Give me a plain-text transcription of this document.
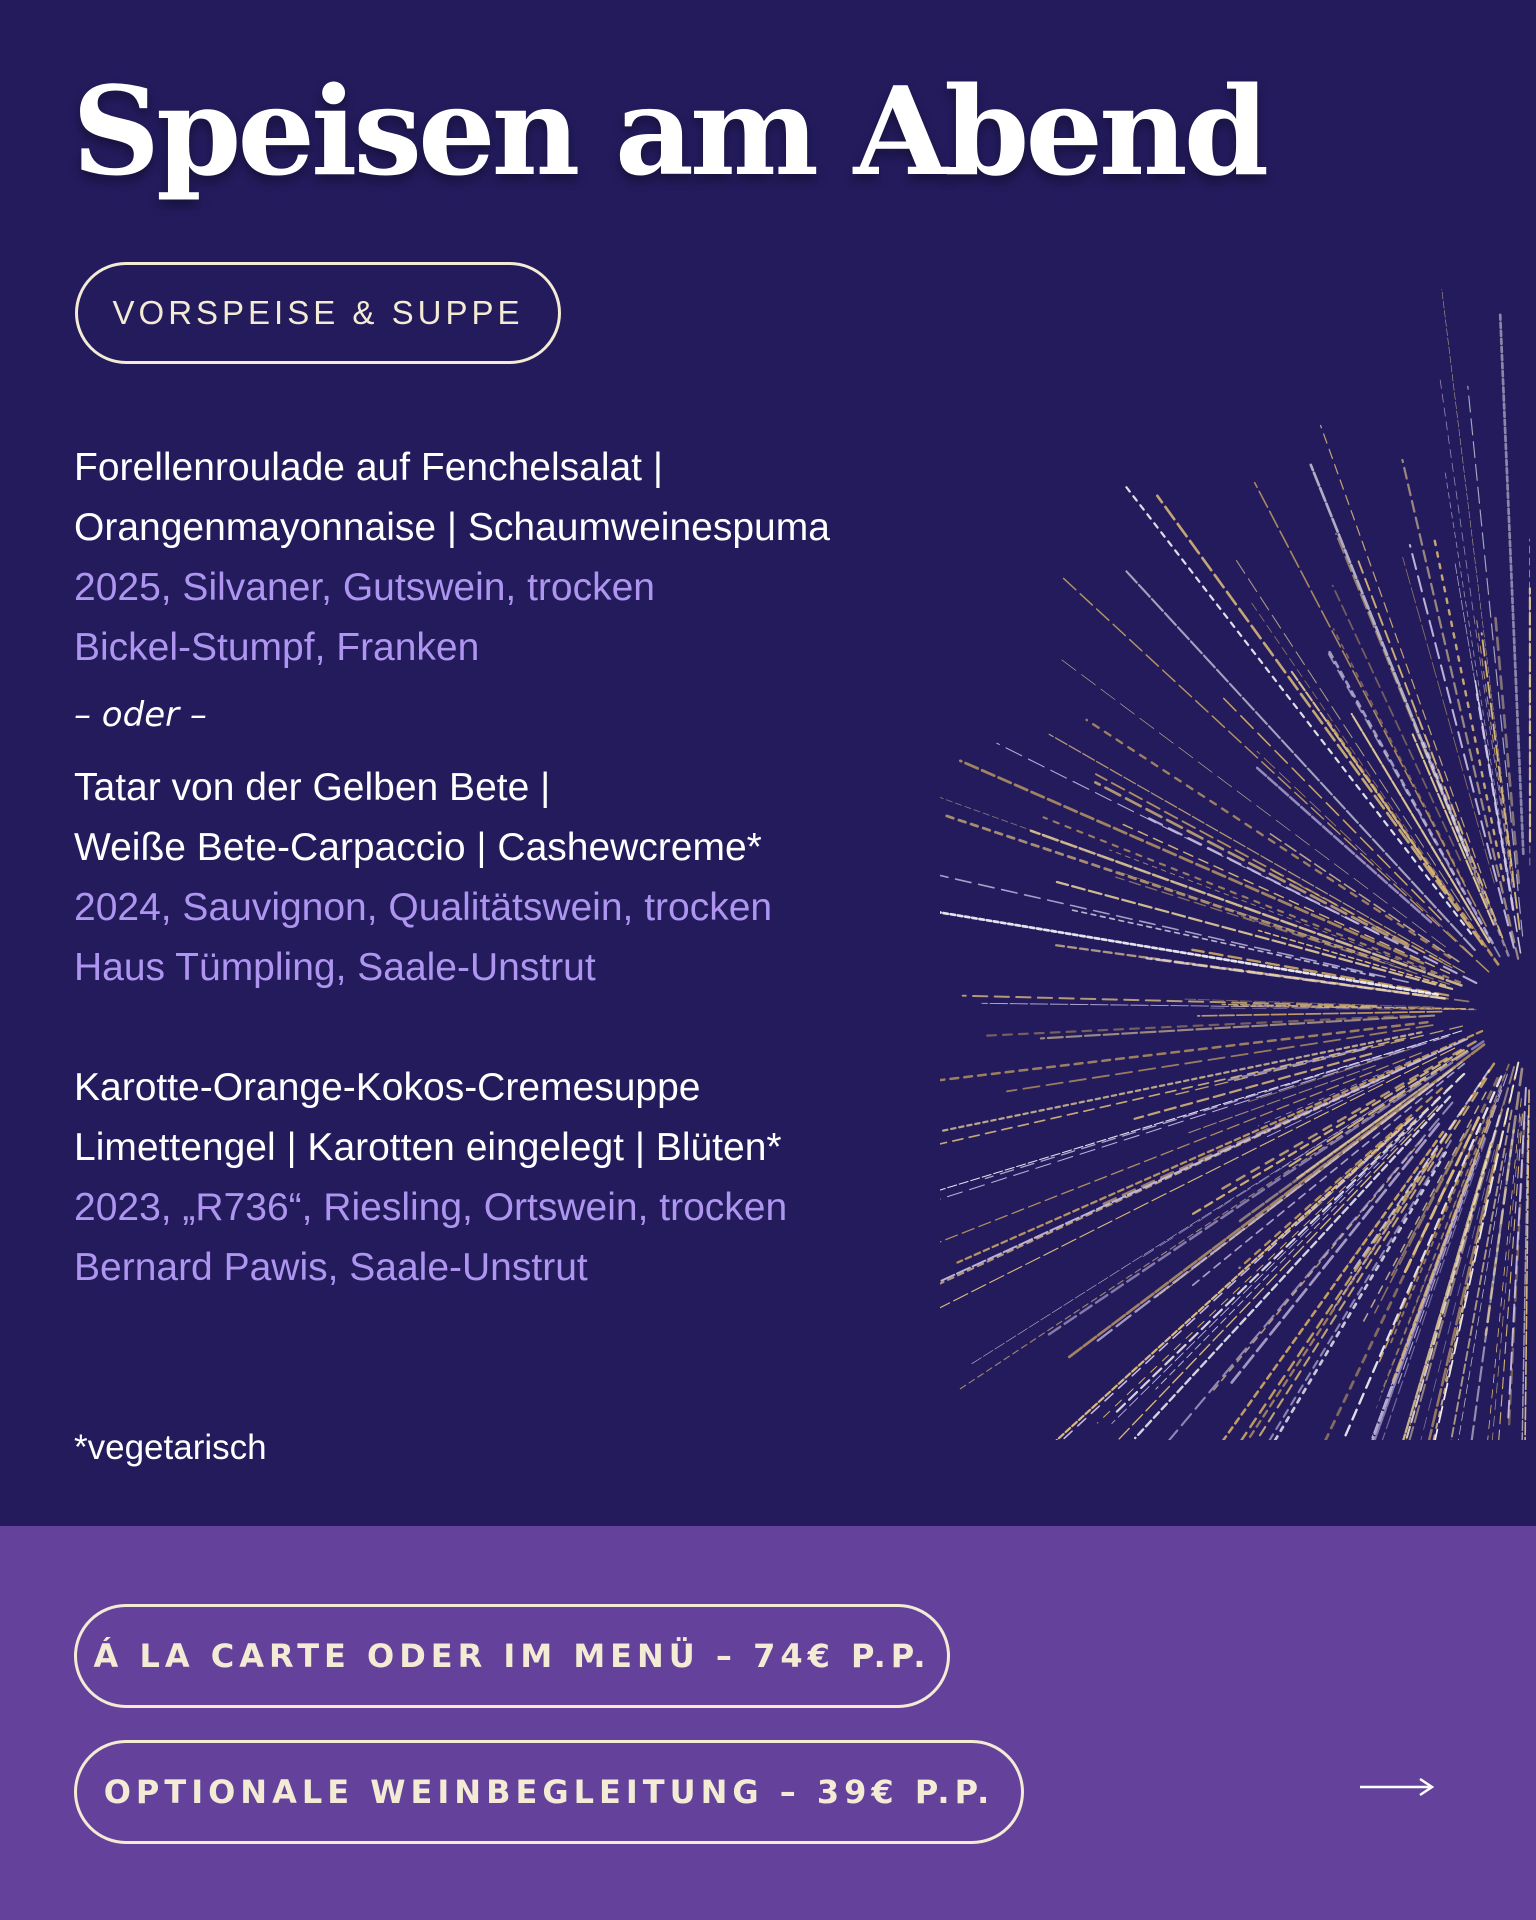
Speisen am Abend
VORSPEISE & SUPPE
Forellenroulade auf Fenchelsalat |
Orangenmayonnaise | Schaumweinespuma
2025, Silvaner, Gutswein, trocken
Bickel-Stumpf, Franken
– oder –
Tatar von der Gelben Bete |
Weiße Bete-Carpaccio | Cashewcreme*
2024, Sauvignon, Qualitätswein, trocken
Haus Tümpling, Saale-Unstrut
Karotte-Orange-Kokos-Cremesuppe
Limettengel | Karotten eingelegt | Blüten*
2023, „R736“, Riesling, Ortswein, trocken
Bernard Pawis, Saale-Unstrut
*vegetarisch
Á LA CARTE ODER IM MENÜ – 74€ P.P.
OPTIONALE WEINBEGLEITUNG – 39€ P.P.
